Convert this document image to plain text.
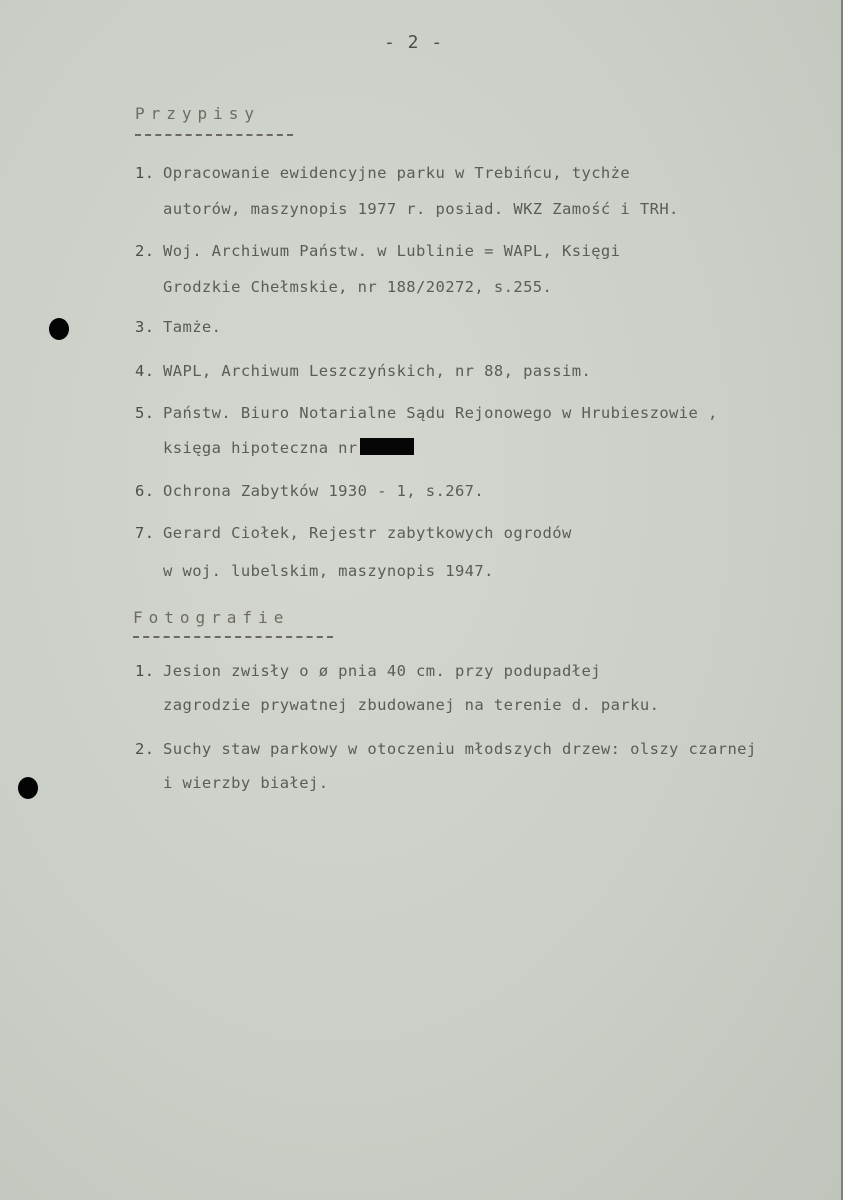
- 2 -
Przypisy
1. Opracowanie ewidencyjne parku w Trebińcu, tychże
autorów, maszynopis 1977 r. posiad. WKZ Zamość i TRH.
2. Woj. Archiwum Państw. w Lublinie = WAPL, Księgi
Grodzkie Chełmskie, nr 188/20272, s.255.
3. Tamże.
4. WAPL, Archiwum Leszczyńskich, nr 88, passim.
5. Państw. Biuro Notarialne Sądu Rejonowego w Hrubieszowie ,
księga hipoteczna nr
6. Ochrona Zabytków 1930 - 1, s.267.
7. Gerard Ciołek, Rejestr zabytkowych ogrodów
w woj. lubelskim, maszynopis 1947.
Fotografie
1. Jesion zwisły o ø pnia 40 cm. przy podupadłej
zagrodzie prywatnej zbudowanej na terenie d. parku.
2. Suchy staw parkowy w otoczeniu młodszych drzew: olszy czarnej
i wierzby białej.
